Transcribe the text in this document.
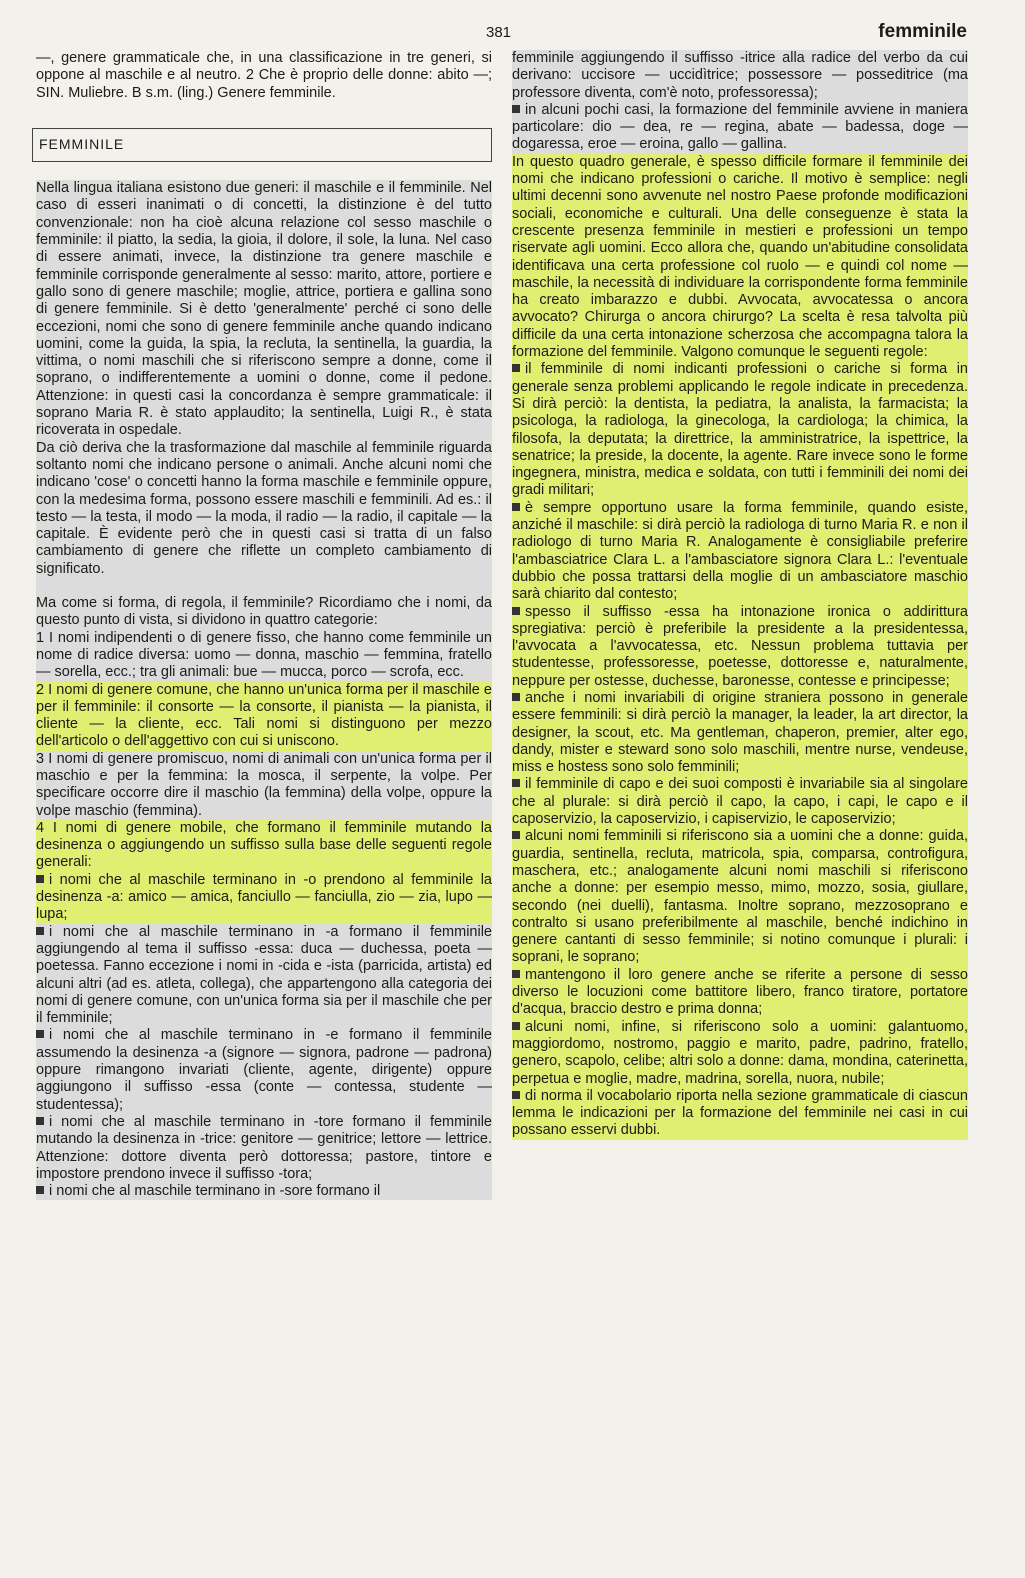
381	femminile

—, genere grammaticale che, in una classificazione in tre generi, si oppone al maschile e al neutro. 2 Che è proprio delle donne: abito —; SIN. Muliebre. B s.m. (ling.) Genere femminile.

FEMMINILE

Nella lingua italiana esistono due generi: il maschile e il femminile. Nel caso di esseri inanimati o di concetti, la distinzione è del tutto convenzionale: non ha cioè alcuna relazione col sesso maschile o femminile: il piatto, la sedia, la gioia, il dolore, il sole, la luna. Nel caso di essere animati, invece, la distinzione tra genere maschile e femminile corrisponde generalmente al sesso: marito, attore, portiere e gallo sono di genere maschile; moglie, attrice, portiera e gallina sono di genere femminile. Si è detto 'generalmente' perché ci sono delle eccezioni, nomi che sono di genere femminile anche quando indicano uomini, come la guida, la spia, la recluta, la sentinella, la guardia, la vittima, o nomi maschili che si riferiscono sempre a donne, come il soprano, o indifferentemente a uomini o donne, come il pedone. Attenzione: in questi casi la concordanza è sempre grammaticale: il soprano Maria R. è stato applaudito; la sentinella, Luigi R., è stata ricoverata in ospedale.

Da ciò deriva che la trasformazione dal maschile al femminile riguarda soltanto nomi che indicano persone o animali. Anche alcuni nomi che indicano 'cose' o concetti hanno la forma maschile e femminile oppure, con la medesima forma, possono essere maschili e femminili. Ad es.: il testo — la testa, il modo — la moda, il radio — la radio, il capitale — la capitale. È evidente però che in questi casi si tratta di un falso cambiamento di genere che riflette un completo cambiamento di significato.

Ma come si forma, di regola, il femminile? Ricordiamo che i nomi, da questo punto di vista, si dividono in quattro categorie:

1 I nomi indipendenti o di genere fisso, che hanno come femminile un nome di radice diversa: uomo — donna, maschio — femmina, fratello — sorella, ecc.; tra gli animali: bue — mucca, porco — scrofa, ecc.

2 I nomi di genere comune, che hanno un'unica forma per il maschile e per il femminile: il consorte — la consorte, il pianista — la pianista, il cliente — la cliente, ecc. Tali nomi si distinguono per mezzo dell'articolo o dell'aggettivo con cui si uniscono.

3 I nomi di genere promiscuo, nomi di animali con un'unica forma per il maschio e per la femmina: la mosca, il serpente, la volpe. Per specificare occorre dire il maschio (la femmina) della volpe, oppure la volpe maschio (femmina).

4 I nomi di genere mobile, che formano il femminile mutando la desinenza o aggiungendo un suffisso sulla base delle seguenti regole generali:

i nomi che al maschile terminano in -o prendono al femminile la desinenza -a: amico — amica, fanciullo — fanciulla, zio — zia, lupo — lupa;

i nomi che al maschile terminano in -a formano il femminile aggiungendo al tema il suffisso -essa: duca — duchessa, poeta — poetessa. Fanno eccezione i nomi in -cida e -ista (parricida, artista) ed alcuni altri (ad es. atleta, collega), che appartengono alla categoria dei nomi di genere comune, con un'unica forma sia per il maschile che per il femminile;

i nomi che al maschile terminano in -e formano il femminile assumendo la desinenza -a (signore — signora, padrone — padrona) oppure rimangono invariati (cliente, agente, dirigente) oppure aggiungono il suffisso -essa (conte — contessa, studente — studentessa);

i nomi che al maschile terminano in -tore formano il femminile mutando la desinenza in -trice: genitore — genitrice; lettore — lettrice. Attenzione: dottore diventa però dottoressa; pastore, tintore e impostore prendono invece il suffisso -tora;

i nomi che al maschile terminano in -sore formano il

femminile aggiungendo il suffisso -itrice alla radice del verbo da cui derivano: uccisore — uccidìtrice; possessore — posseditrice (ma professore diventa, com'è noto, professoressa);

in alcuni pochi casi, la formazione del femminile avviene in maniera particolare: dio — dea, re — regina, abate — badessa, doge — dogaressa, eroe — eroina, gallo — gallina.

In questo quadro generale, è spesso difficile formare il femminile dei nomi che indicano professioni o cariche. Il motivo è semplice: negli ultimi decenni sono avvenute nel nostro Paese profonde modificazioni sociali, economiche e culturali. Una delle conseguenze è stata la crescente presenza femminile in mestieri e professioni un tempo riservate agli uomini. Ecco allora che, quando un'abitudine consolidata identificava una certa professione col ruolo — e quindi col nome — maschile, la necessità di individuare la corrispondente forma femminile ha creato imbarazzo e dubbi. Avvocata, avvocatessa o ancora avvocato? Chirurga o ancora chirurgo? La scelta è resa talvolta più difficile da una certa intonazione scherzosa che accompagna talora la formazione del femminile. Valgono comunque le seguenti regole:

il femminile di nomi indicanti professioni o cariche si forma in generale senza problemi applicando le regole indicate in precedenza. Si dirà perciò: la dentista, la pediatra, la analista, la farmacista; la psicologa, la radiologa, la ginecologa, la cardiologa; la chimica, la filosofa, la deputata; la direttrice, la amministratrice, la ispettrice, la senatrice; la preside, la docente, la agente. Rare invece sono le forme ingegnera, ministra, medica e soldata, con tutti i femminili dei nomi dei gradi militari;

è sempre opportuno usare la forma femminile, quando esiste, anziché il maschile: si dirà perciò la radiologa di turno Maria R. e non il radiologo di turno Maria R. Analogamente è consigliabile preferire l'ambasciatrice Clara L. a l'ambasciatore signora Clara L.: l'eventuale dubbio che possa trattarsi della moglie di un ambasciatore maschio sarà chiarito dal contesto;

spesso il suffisso -essa ha intonazione ironica o addirittura spregiativa: perciò è preferibile la presidente a la presidentessa, l'avvocata a l'avvocatessa, etc. Nessun problema tuttavia per studentesse, professoresse, poetesse, dottoresse e, naturalmente, neppure per ostesse, duchesse, baronesse, contesse e principesse;

anche i nomi invariabili di origine straniera possono in generale essere femminili: si dirà perciò la manager, la leader, la art director, la designer, la scout, etc. Ma gentleman, chaperon, premier, alter ego, dandy, mister e steward sono solo maschili, mentre nurse, vendeuse, miss e hostess sono solo femminili;

il femminile di capo e dei suoi composti è invariabile sia al singolare che al plurale: si dirà perciò il capo, la capo, i capi, le capo e il caposervizio, la caposervizio, i capiservizio, le caposervizio;

alcuni nomi femminili si riferiscono sia a uomini che a donne: guida, guardia, sentinella, recluta, matricola, spia, comparsa, controfigura, maschera, etc.; analogamente alcuni nomi maschili si riferiscono anche a donne: per esempio messo, mimo, mozzo, sosia, giullare, secondo (nei duelli), fantasma. Inoltre soprano, mezzosoprano e contralto si usano preferibilmente al maschile, benché indichino in genere cantanti di sesso femminile; si notino comunque i plurali: i soprani, le soprano;

mantengono il loro genere anche se riferite a persone di sesso diverso le locuzioni come battitore libero, franco tiratore, portatore d'acqua, braccio destro e prima donna;

alcuni nomi, infine, si riferiscono solo a uomini: galantuomo, maggiordomo, nostromo, paggio e marito, padre, padrino, fratello, genero, scapolo, celibe; altri solo a donne: dama, mondina, caterinetta, perpetua e moglie, madre, madrina, sorella, nuora, nubile;

di norma il vocabolario riporta nella sezione grammaticale di ciascun lemma le indicazioni per la formazione del femminile nei casi in cui possano esservi dubbi.
